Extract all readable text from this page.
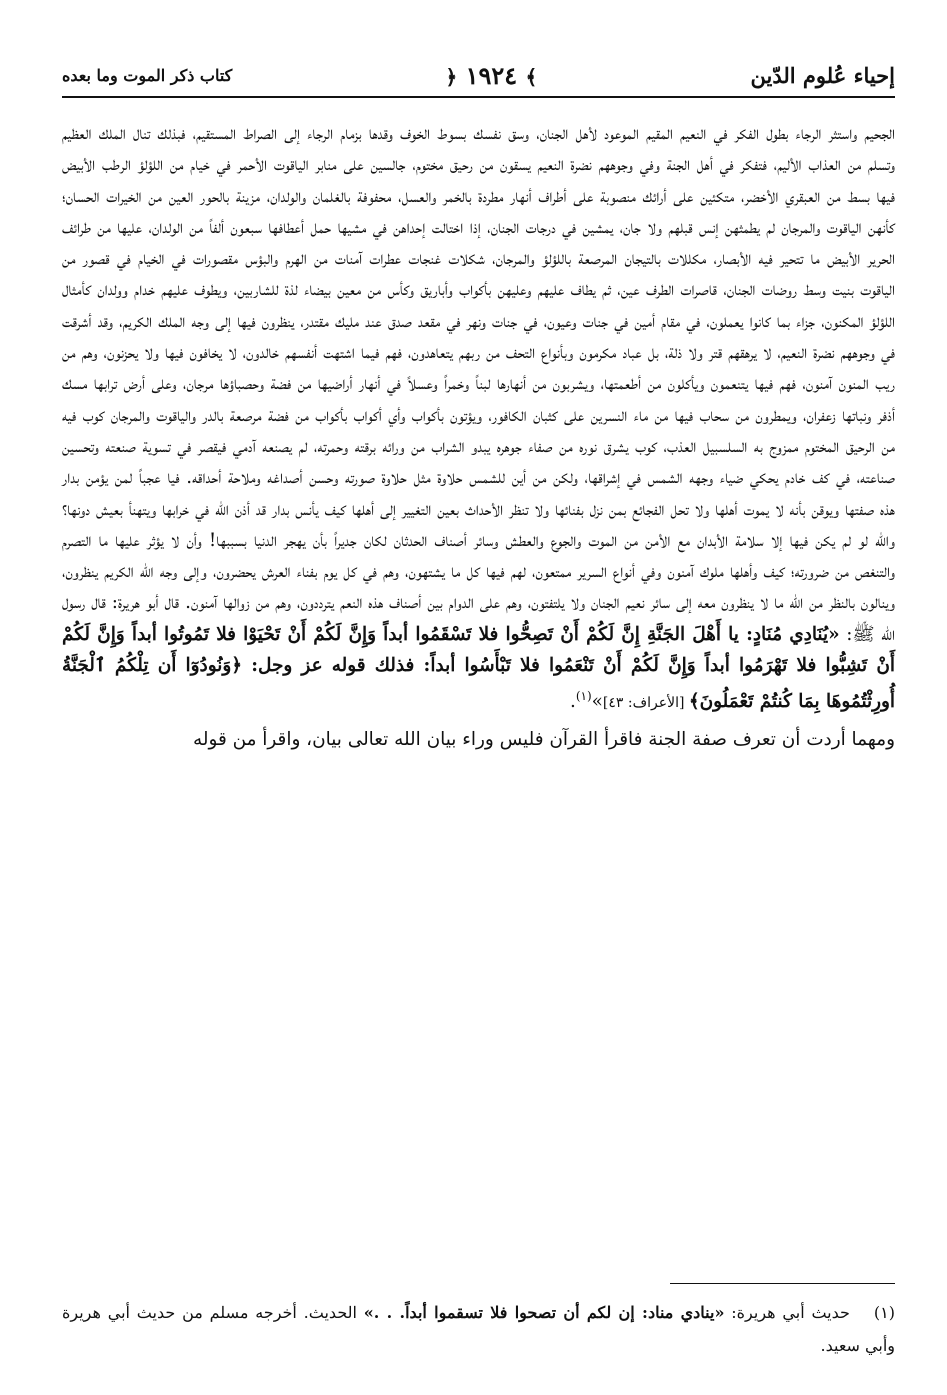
إحياء عُلوم الدّين
﴾ ١٩٢٤ ﴿
كتاب ذكر الموت وما بعده

الجحيم واستثر الرجاء بطول الفكر في النعيم المقيم الموعود لأهل الجنان، وسق نفسك بسوط الخوف وقدها بزمام الرجاء إلى الصراط المستقيم، فبذلك تنال الملك العظيم وتسلم من العذاب الأليم، فتفكر في أهل الجنة وفي وجوههم نضرة النعيم يسقون من رحيق مختوم، جالسين على منابر الياقوت الأحمر في خيام من اللؤلؤ الرطب الأبيض فيها بسط من العبقري الأخضر، متكئين على أرائك منصوبة على أطراف أنهار مطردة بالخمر والعسل، محفوفة بالغلمان والولدان، مزينة بالحور العين من الخيرات الحسان؛ كأنهن الياقوت والمرجان لم يطمثهن إنس قبلهم ولا جان، يمشين في درجات الجنان، إذا اختالت إحداهن في مشيها حمل أعطافها سبعون ألفاً من الولدان، عليها من طرائف الحرير الأبيض ما تتحير فيه الأبصار، مكللات بالتيجان المرصعة باللؤلؤ والمرجان، شكلات غنجات عطرات آمنات من الهرم والبؤس مقصورات في الخيام في قصور من الياقوت بنيت وسط روضات الجنان، قاصرات الطرف عين، ثم يطاف عليهم وعليهن بأكواب وأباريق وكأس من معين بيضاء لذة للشاربين، ويطوف عليهم خدام وولدان كأمثال اللؤلؤ المكنون، جزاء بما كانوا يعملون، في مقام أمين في جنات وعيون، في جنات ونهر في مقعد صدق عند مليك مقتدر، ينظرون فيها إلى وجه الملك الكريم، وقد أشرقت في وجوههم نضرة النعيم، لا يرهقهم قتر ولا ذلة، بل عباد مكرمون وبأنواع التحف من ربهم يتعاهدون، فهم فيما اشتهت أنفسهم خالدون، لا يخافون فيها ولا يحزنون، وهم من ريب المنون آمنون، فهم فيها يتنعمون ويأكلون من أطعمتها، ويشربون من أنهارها لبناً وخمراً وعسلاً في أنهار أراضيها من فضة وحصباؤها مرجان، وعلى أرض ترابها مسك أذفر ونباتها زعفران، ويمطرون من سحاب فيها من ماء النسرين على كثبان الكافور، ويؤتون بأكواب وأي أكواب بأكواب من فضة مرصعة بالدر والياقوت والمرجان كوب فيه من الرحيق المختوم ممزوج به السلسبيل العذب، كوب يشرق نوره من صفاء جوهره يبدو الشراب من ورائه برقته وحمرته، لم يصنعه آدمي فيقصر في تسوية صنعته وتحسين صناعته، في كف خادم يحكي ضياء وجهه الشمس في إشراقها، ولكن من أين للشمس حلاوة مثل حلاوة صورته وحسن أصداغه وملاحة أحداقه. فيا عجباً لمن يؤمن بدار هذه صفتها ويوقن بأنه لا يموت أهلها ولا تحل الفجائع بمن نزل بفنائها ولا تنظر الأحداث بعين التغيير إلى أهلها كيف يأنس بدار قد أذن الله في خرابها ويتهنأ بعيش دونها؟ والله لو لم يكن فيها إلا سلامة الأبدان مع الأمن من الموت والجوع والعطش وسائر أصناف الحدثان لكان جديراً بأن يهجر الدنيا بسببها! وأن لا يؤثر عليها ما التصرم والتنغص من ضرورته؛ كيف وأهلها ملوك آمنون وفي أنواع السرير ممتعون، لهم فيها كل ما يشتهون، وهم في كل يوم بفناء العرش يحضرون، وإلى وجه الله الكريم ينظرون، وينالون بالنظر من الله ما لا ينظرون معه إلى سائر نعيم الجنان ولا يلتفتون، وهم على الدوام بين أصناف هذه النعم يترددون، وهم من زوالها آمنون. قال أبو هريرة: قال رسول الله ﷺ: «يُنَادِي مُنَادٍ: يا أَهْلَ الجَنَّةِ إِنَّ لَكُمْ أَنْ تَصِحُّوا فلا تَسْقَمُوا أبداً وَإِنَّ لَكُمْ أَنْ تَحْيَوْا فلا تَمُوتُوا أبداً وَإِنَّ لَكُمْ أَنْ تَشِبُّوا فلا تَهْرَمُوا أبداً وَإِنَّ لَكُمْ أَنْ تَنْعَمُوا فلا تَبْأَسُوا أبداً: فذلك قوله عز وجل: ﴿وَنُودُوٓا أَن تِلْكُمُ ٱلْجَنَّةُ أُورِثْتُمُوهَا بِمَا كُنتُمْ تَعْمَلُونَ﴾ [الأعراف: ٤٣]»$^{(١)}$.

ومهما أردت أن تعرف صفة الجنة فاقرأ القرآن فليس وراء بيان الله تعالى بيان، واقرأ من قوله

(١)حديث أبي هريرة: «ينادي مناد: إن لكم أن تصحوا فلا تسقموا أبداً. . .» الحديث. أخرجه مسلم من حديث أبي هريرة وأبي سعيد.
